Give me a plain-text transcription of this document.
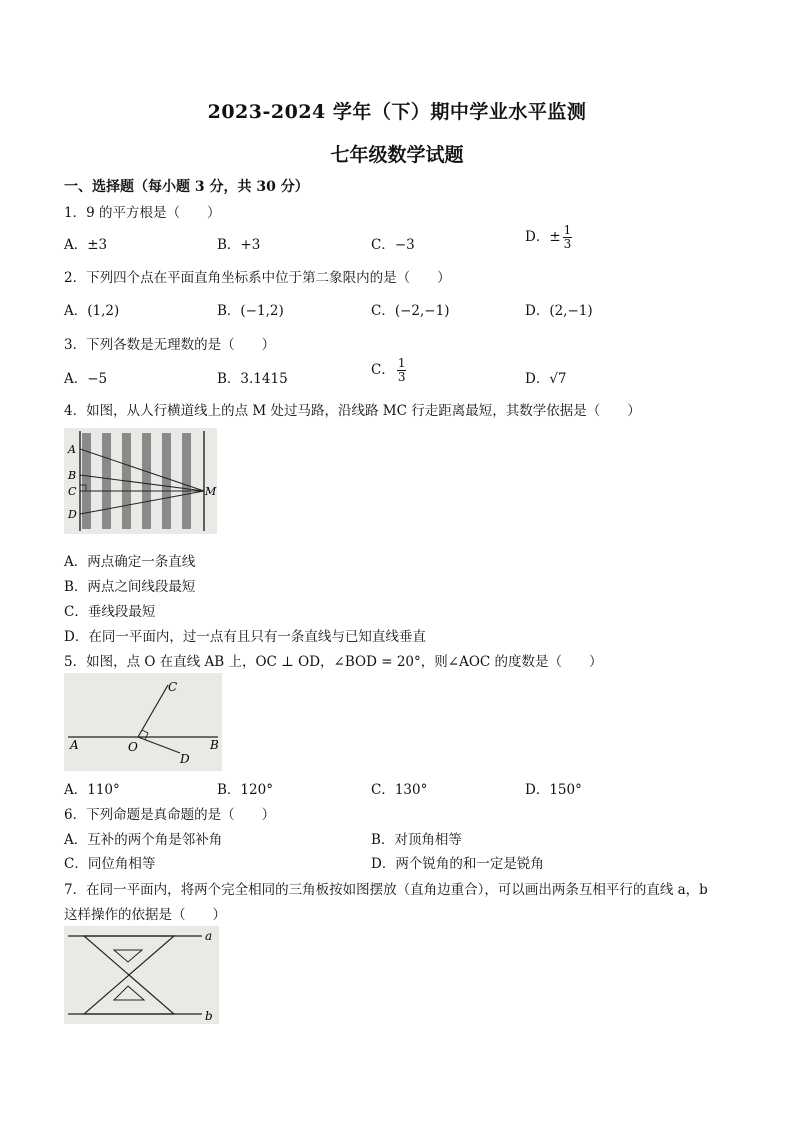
2023-2024 学年（下）期中学业水平监测
七年级数学试题
一、选择题（每小题 3 分，共 30 分）
1．9 的平方根是（　　）
A．±3	B．+3	C．−3	D．± $\frac{1}{3}$
2．下列四个点在平面直角坐标系中位于第二象限内的是（　　）
A．(1,2)	B．(−1,2)	C．(−2,−1)	D．(2,−1)
3．下列各数是无理数的是（　　）
A．−5	B．3.1415
C． $\frac{1}{3}$	D．√7
4．如图，从人行横道线上的点 M 处过马路，沿线路 MC 行走距离最短，其数学依据是（　　）
A
B
C
D
M
A．两点确定一条直线
B．两点之间线段最短
C．垂线段最短
D．在同一平面内，过一点有且只有一条直线与已知直线垂直
5．如图，点 O 在直线 AB 上，OC ⊥ OD，∠BOD = 20°，则∠AOC 的度数是（　　）
C
A	O
D
B
A．110°	B．120°	C．130°	D．150°
6．下列命题是真命题的是（　　）
A．互补的两个角是邻补角	B．对顶角相等
C．同位角相等	D．两个锐角的和一定是锐角
7．在同一平面内，将两个完全相同的三角板按如图摆放（直角边重合），可以画出两条互相平行的直线 a，b
这样操作的依据是（　　）
a
b
